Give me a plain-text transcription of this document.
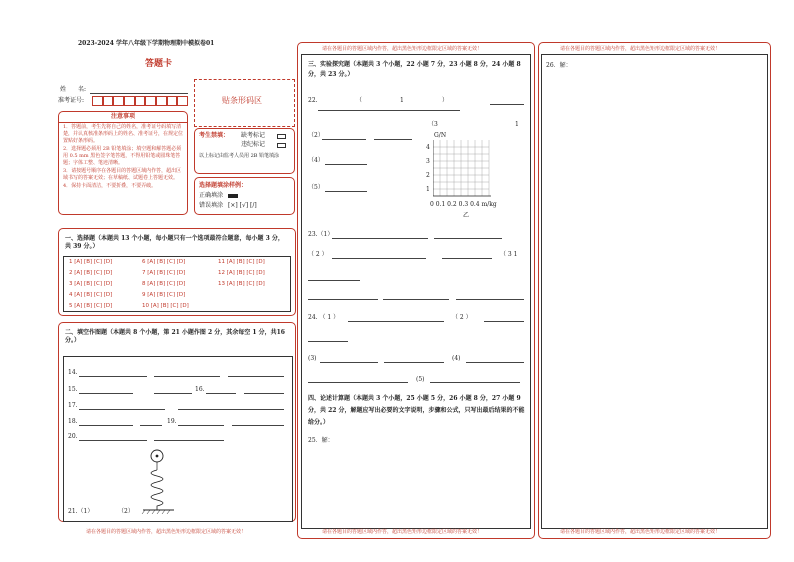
2023-2024 学年八年级下学期物理期中模拟卷01
答题卡
姓　　名:
准考证号:	贴条形码区
注意事项
1．答题前，考生先将自己的姓名，准考证号码填写清楚，并认真核准条形码上的姓名、准考证号，在规定位置贴好条形码。
2．选择题必须用 2B 铅笔填涂；填空题和解答题必须用 0.5 mm 黑色签字笔答题，不得用铅笔或圆珠笔答题；字体工整、笔迹清晰。
3．请按题号顺序在各题目的答题区域内作答，超出区域书写的答案无效；在草稿纸、试题卷上答题无效。
4．保持卡面清洁，不要折叠，不要弄破。
考生禁填： 缺考标记
违纪标记
以上标记由监考人员用 2B 铅笔填涂
选择题填涂样例：
正确填涂
错误填涂 [×] [√] [/]
一、选择题（本题共 13 个小题，每小题只有一个选项最符合题意，每小题 3 分，共 39 分。）
1 [A] [B] [C] [D]	6 [A] [B] [C] [D]	11 [A] [B] [C] [D]
2 [A] [B] [C] [D]	7 [A] [B] [C] [D]	12 [A] [B] [C] [D]
3 [A] [B] [C] [D]	8 [A] [B] [C] [D]	13 [A] [B] [C] [D]
4 [A] [B] [C] [D]	9 [A] [B] [C] [D]
5 [A] [B] [C] [D]	10 [A] [B] [C] [D]
二、填空作图题（本题共 8 个小题，第 21 小题作图 2 分，其余每空 1 分，共16 分。）
14.
15.	16.
17.
18.	19.
20.
21.（1）	（2）
请在各题目的答题区域内作答，超出黑色矩形边框限定区域的答案无效！
请在各题目的答题区域内作答，超出黑色矩形边框限定区域的答案无效！
三、实验探究题（本题共 3 个小题，22 小题 7 分，23 小题 8 分，24 小题 8 分，共 23 分。）
22.	（	1	）
（3	1
（2）
（4）
（5）
G/N
4
3
2
1
0 0.1 0.2 0.3 0.4 m/kg
乙
23.（1）
（ 2 ）	（ 3 1
24. （ 1 ）	（ 2 ）
(3)	(4)
(5)
四、论述计算题（本题共 3 个小题，25 小题 5 分，26 小题 8 分，27 小题 9 分，共 22 分，解题应写出必要的文字说明，步骤和公式，只写出最后结果的不能给分。）
25．解：
请在各题目的答题区域内作答，超出黑色矩形边框限定区域的答案无效！
请在各题目的答题区域内作答，超出黑色矩形边框限定区域的答案无效！
26．解：
请在各题目的答题区域内作答，超出黑色矩形边框限定区域的答案无效！
